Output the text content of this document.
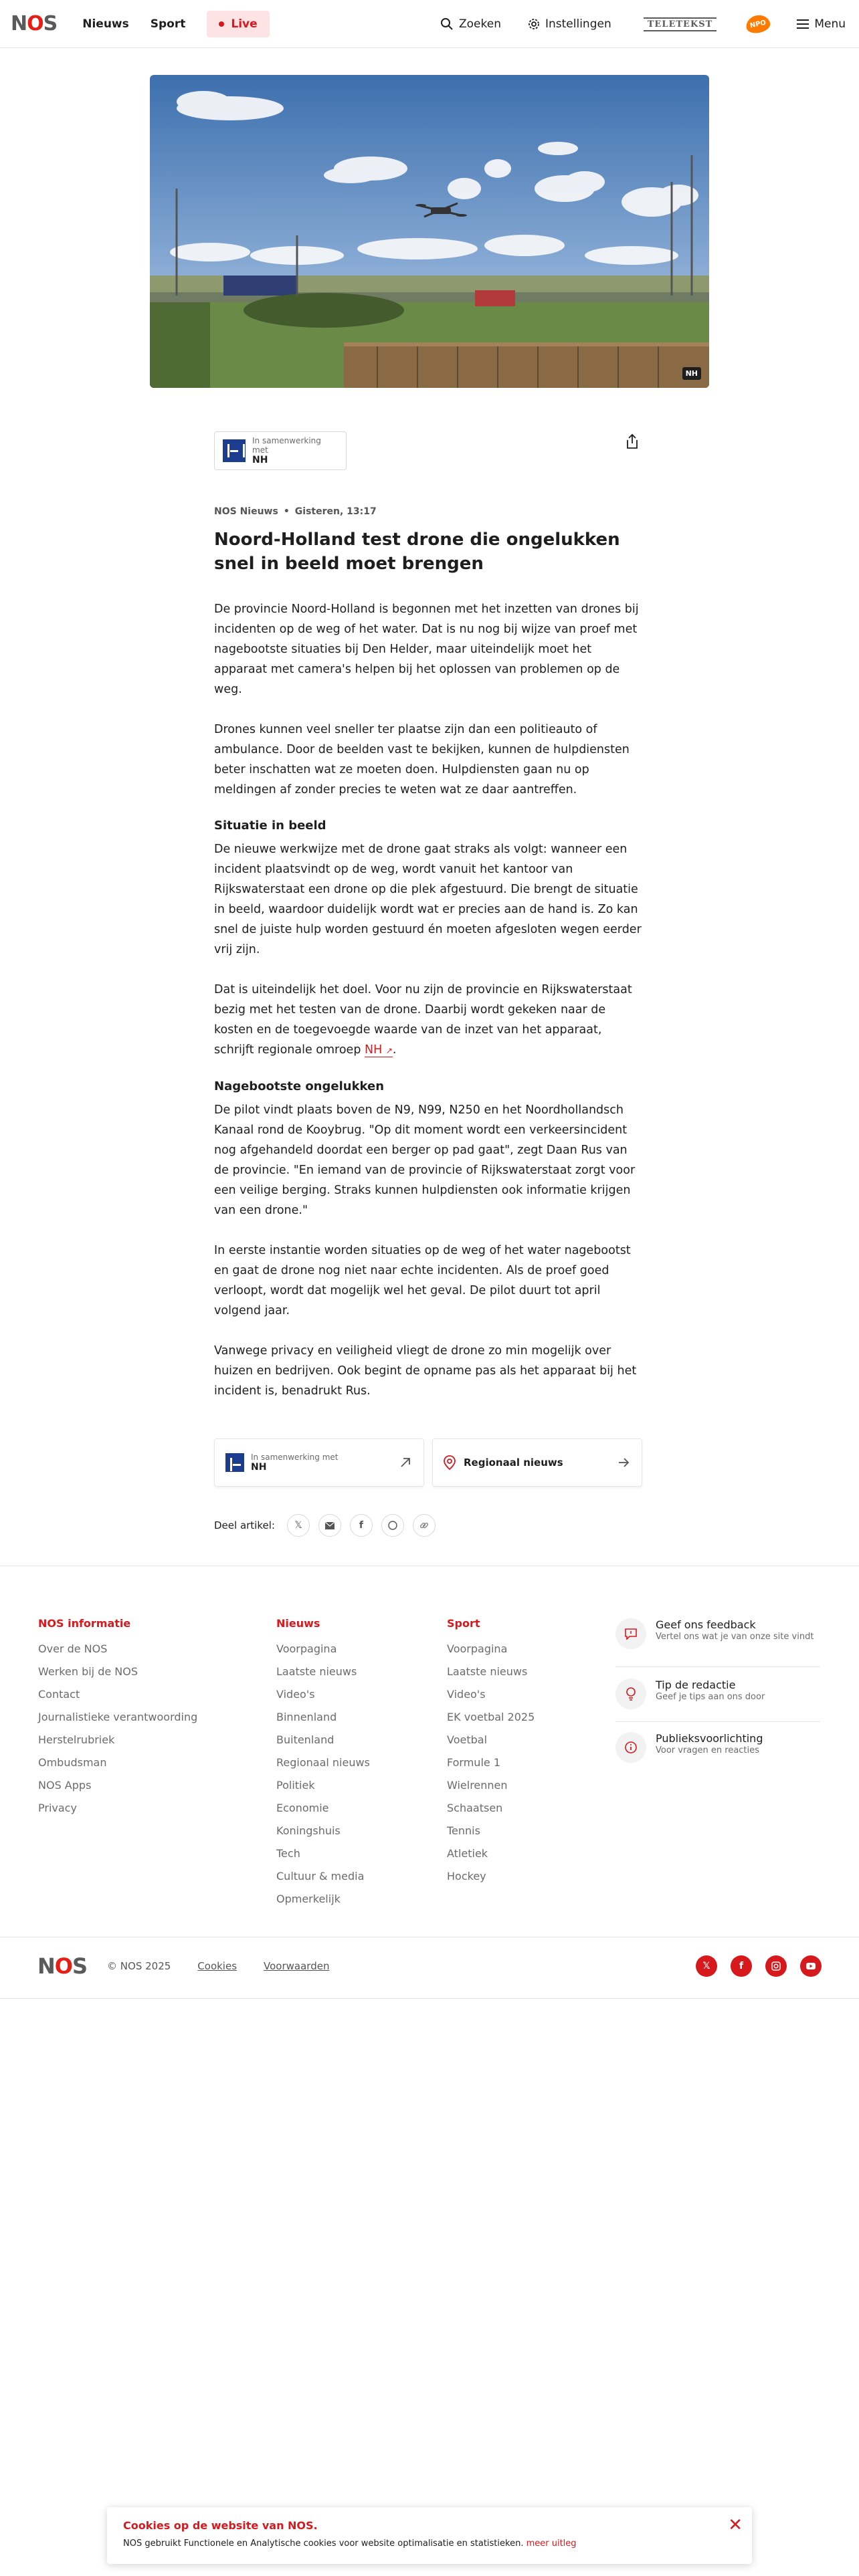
NOS Nieuws Sport	Live	Zoeken	Instellingen	TELETEKST	NPO	Menu
NH
In samenwerking met
NH
NOS Nieuws • Gisteren, 13:17
Noord-Holland test drone die ongelukken snel in beeld moet brengen

De provincie Noord-Holland is begonnen met het inzetten van drones bij incidenten op de weg of het water. Dat is nu nog bij wijze van proef met nagebootste situaties bij Den Helder, maar uiteindelijk moet het apparaat met camera's helpen bij het oplossen van problemen op de weg.

Drones kunnen veel sneller ter plaatse zijn dan een politieauto of ambulance. Door de beelden vast te bekijken, kunnen de hulpdiensten beter inschatten wat ze moeten doen. Hulpdiensten gaan nu op meldingen af zonder precies te weten wat ze daar aantreffen.

Situatie in beeld

De nieuwe werkwijze met de drone gaat straks als volgt: wanneer een incident plaatsvindt op de weg, wordt vanuit het kantoor van Rijkswaterstaat een drone op die plek afgestuurd. Die brengt de situatie in beeld, waardoor duidelijk wordt wat er precies aan de hand is. Zo kan snel de juiste hulp worden gestuurd én moeten afgesloten wegen eerder vrij zijn.

Dat is uiteindelijk het doel. Voor nu zijn de provincie en Rijkswaterstaat bezig met het testen van de drone. Daarbij wordt gekeken naar de kosten en de toegevoegde waarde van de inzet van het apparaat, schrijft regionale omroep NH ↗.

Nagebootste ongelukken

De pilot vindt plaats boven de N9, N99, N250 en het Noordhollandsch Kanaal rond de Kooybrug. "Op dit moment wordt een verkeersincident nog afgehandeld doordat een berger op pad gaat", zegt Daan Rus van de provincie. "En iemand van de provincie of Rijkswaterstaat zorgt voor een veilige berging. Straks kunnen hulpdiensten ook informatie krijgen van een drone."

In eerste instantie worden situaties op de weg of het water nagebootst en gaat de drone nog niet naar echte incidenten. Als de proef goed verloopt, wordt dat mogelijk wel het geval. De pilot duurt tot april volgend jaar.

Vanwege privacy en veiligheid vliegt de drone zo min mogelijk over huizen en bedrijven. Ook begint de opname pas als het apparaat bij het incident is, benadrukt Rus.

In samenwerking met
NH	Regionaal nieuws
Deel artikel: 𝕏	f
NOS informatie
Over de NOS
Werken bij de NOS
Contact
Journalistieke verantwoording
Herstelrubriek
Ombudsman
NOS Apps
Privacy
Nieuws
Voorpagina
Laatste nieuws
Video's
Binnenland
Buitenland
Regionaal nieuws
Politiek
Economie
Koningshuis
Tech
Cultuur & media
Opmerkelijk
Sport
Voorpagina
Laatste nieuws
Video's
EK voetbal 2025
Voetbal
Formule 1
Wielrennen
Schaatsen
Tennis
Atletiek
Hockey
Geef ons feedback
Vertel ons wat je van onze site vindt
Tip de redactie
Geef je tips aan ons door
Publieksvoorlichting
Voor vragen en reacties
NOS © NOS 2025	Cookies	Voorwaarden	𝕏	f
Cookies op de website van NOS.
NOS gebruikt Functionele en Analytische cookies voor website optimalisatie en statistieken. meer uitleg
✕
